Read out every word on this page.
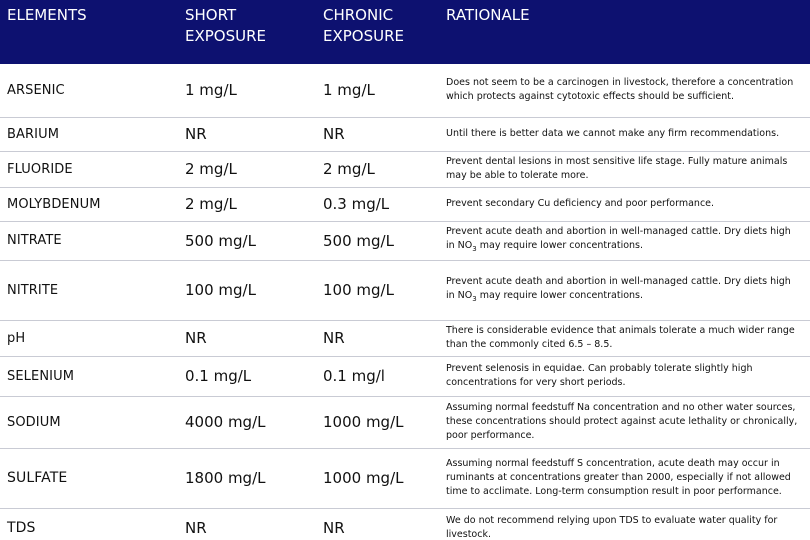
ELEMENTS	SHORT EXPOSURE	CHRONIC EXPOSURE	RATIONALE
ARSENIC	1 mg/L	1 mg/L	Does not seem to be a carcinogen in livestock, therefore a concentration which protects against cytotoxic effects should be sufficient.
BARIUM	NR	NR	Until there is better data we cannot make any firm recommendations.
FLUORIDE	2 mg/L	2 mg/L	Prevent dental lesions in most sensitive life stage. Fully mature animals may be able to tolerate more.
MOLYBDENUM	2 mg/L	0.3 mg/L	Prevent secondary Cu deficiency and poor performance.
NITRATE	500 mg/L	500 mg/L	Prevent acute death and abortion in well-managed cattle. Dry diets high in $NO_3$ may require lower concentrations.
NITRITE	100 mg/L	100 mg/L	Prevent acute death and abortion in well-managed cattle. Dry diets high in $NO_3$ may require lower concentrations.
pH	NR	NR	There is considerable evidence that animals tolerate a much wider range than the commonly cited 6.5 – 8.5.
SELENIUM	0.1 mg/L	0.1 mg/l	Prevent selenosis in equidae. Can probably tolerate slightly high concentrations for very short periods.
SODIUM	4000 mg/L	1000 mg/L	Assuming normal feedstuff Na concentration and no other water sources, these concentrations should protect against acute lethality or chronically, poor performance.
SULFATE	1800 mg/L	1000 mg/L	Assuming normal feedstuff S concentration, acute death may occur in ruminants at concentrations greater than 2000, especially if not allowed time to acclimate. Long-term consumption result in poor performance.
TDS	NR	NR	We do not recommend relying upon TDS to evaluate water quality for livestock.
